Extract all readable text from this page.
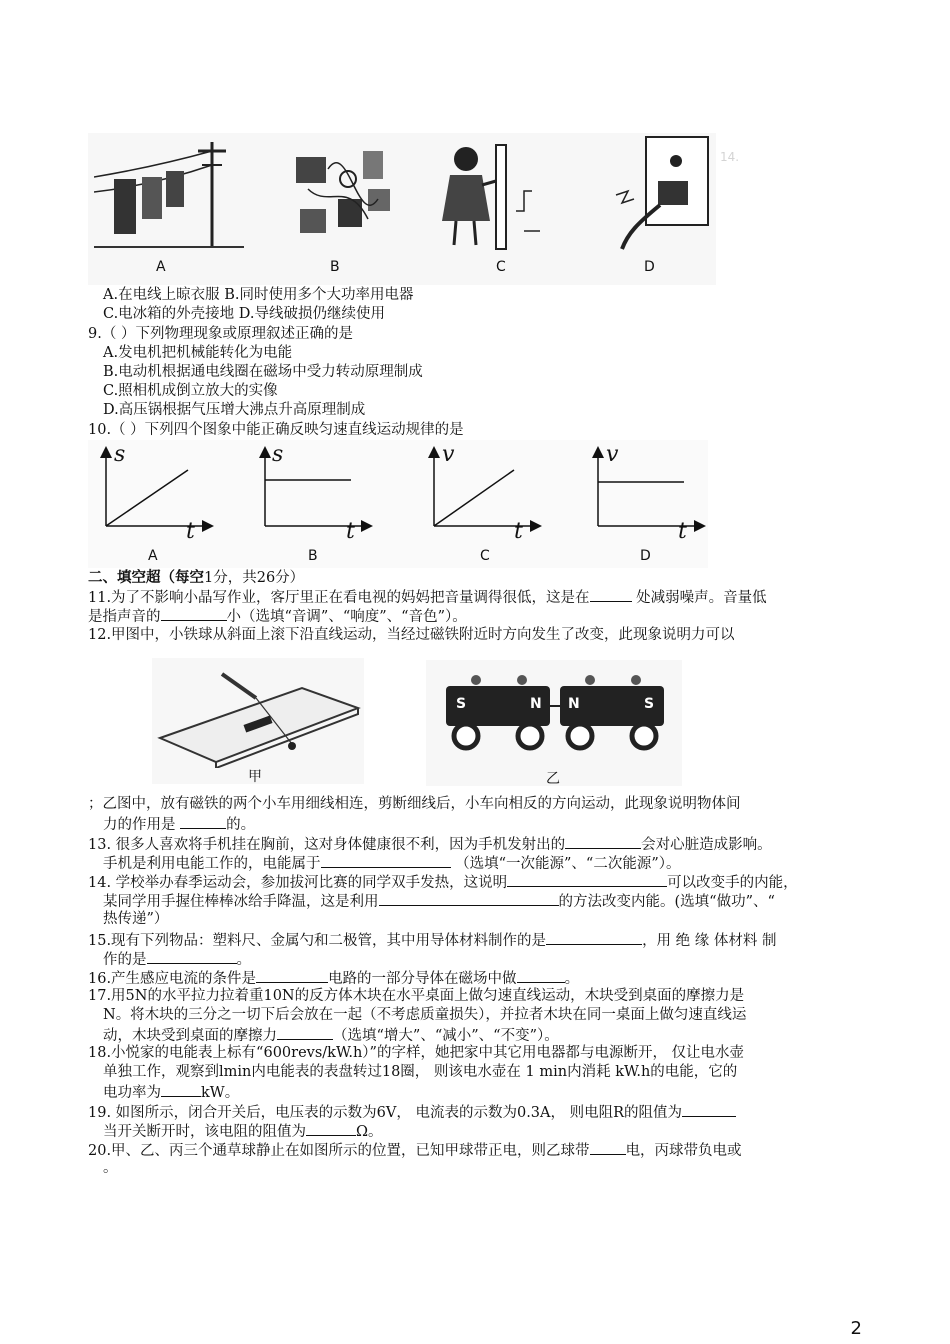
A	B	C	D
14.
A.在电线上晾衣服 B.同时使用多个大功率用电器
C.电冰箱的外壳接地 D.导线破损仍继续使用
9.（ ）下列物理现象或原理叙述正确的是
A.发电机把机械能转化为电能
B.电动机根据通电线圈在磁场中受力转动原理制成
C.照相机成倒立放大的实像
D.高压锅根据气压增大沸点升高原理制成
10.（ ）下列四个图象中能正确反映匀速直线运动规律的是
s
t
A
s
t
B
v
t
C
v
t
D
二、填空超（每空1分，共26分）
11.为了不影响小晶写作业，客厅里正在看电视的妈妈把音量调得很低，这是在	处减弱噪声。音量低
是指声音的	小（选填“音调”、“响度”、“音色”）。
12.甲图中，小铁球从斜面上滚下沿直线运动，当经过磁铁附近时方向发生了改变，此现象说明力可以
甲
S	N N	S
乙
；乙图中，放有磁铁的两个小车用细线相连，剪断细线后，小车向相反的方向运动，此现象说明物体间
力的作用是	的。
13. 很多人喜欢将手机挂在胸前，这对身体健康很不利，因为手机发射出的	会对心脏造成影响。
手机是利用电能工作的，电能属于	（选填“一次能源”、“二次能源”）。
14. 学校举办春季运动会，参加拔河比赛的同学双手发热，这说明	可以改变手的内能，
某同学用手握住棒棒冰给手降温，这是利用	的方法改变内能。(选填“做功”、“
热传递”）
15.现有下列物品：塑料尺、金属勺和二极管，其中用导体材料制作的是	，用 绝 缘 体材料 制
作的是	。
16.产生感应电流的条件是	电路的一部分导体在磁场中做	。
17.用5N的水平拉力拉着重10N的反方体木块在水平桌面上做匀速直线运动，木块受到桌面的摩擦力是
N。将木块的三分之一切下后会放在一起（不考虑质童损失），并拉者木块在同一桌面上做匀速直线运
动，木块受到桌面的摩擦力	（选填“增大”、“减小”、“不变”）。
18.小悦家的电能表上标有“600revs/kW.h）”的字样，她把家中其它用电器都与电源断开， 仅让电水壶
单独工作，观察到lmin内电能表的表盘转过18圈， 则该电水壶在 1 min内消耗 kW.h的电能，它的
电功率为	kW。
19. 如图所示，闭合开关后，电压表的示数为6V， 电流表的示数为0.3A， 则电阻R的阻值为
当开关断开时，该电阻的阻值为	Ω。
20.甲、乙、丙三个通草球静止在如图所示的位置，已知甲球带正电，则乙球带 电，丙球带负电或
。
2
